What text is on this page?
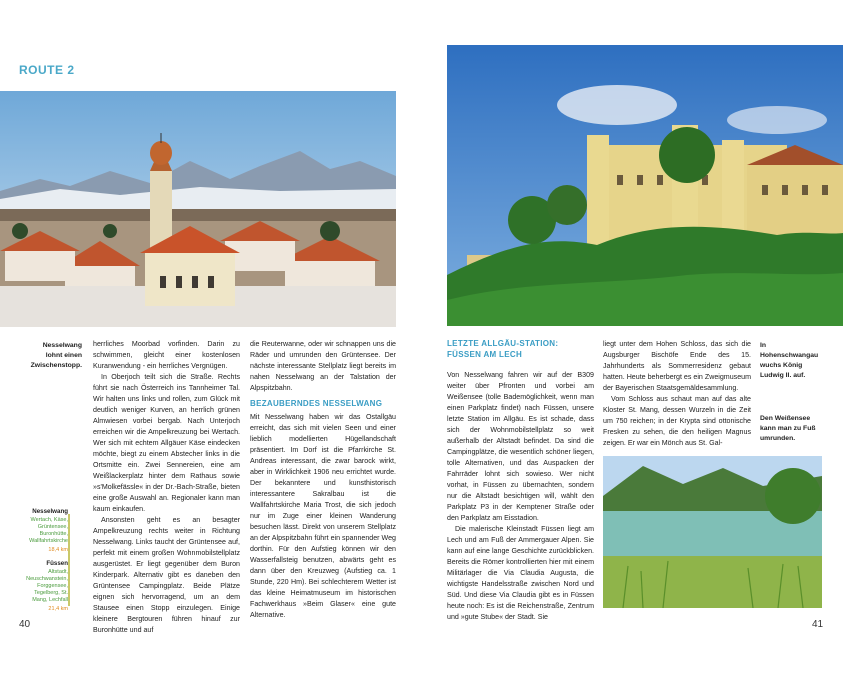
ROUTE 2
Nesselwang lohnt einen Zwischenstopp.
Nesselwang
Wertach, Käse, Grüntensee, Buronhütte, Wallfahrtskirche
18,4 km
Füssen
Altstadt, Neuschwanstein, Forggensee, Tegelberg, St. Mang, Lechfall
21,4 km

herrliches Moorbad vorfinden. Darin zu schwimmen, gleicht einer kostenlosen Kuranwendung - ein herrliches Vergnügen.

In Oberjoch teilt sich die Straße. Rechts führt sie nach Österreich ins Tannheimer Tal. Wir halten uns links und rollen, zum Glück mit deutlich weniger Kurven, an herrlich grünen Almwiesen vorbei bergab. Nach Unterjoch erreichen wir die Ampelkreuzung bei Wertach. Wer sich mit echtem Allgäuer Käse eindecken möchte, biegt zu einem Abstecher links in die Ortsmitte ein. Zwei Sennereien, eine am Weißlackerplatz hinter dem Rathaus sowie »s'Molkefässle« in der Dr.-Bach-Straße, bieten eine große Auswahl an. Regionaler kann man kaum einkaufen.

Ansonsten geht es an besagter Ampelkreuzung rechts weiter in Richtung Nesselwang. Links taucht der Grüntensee auf, perfekt mit einem großen Wohnmobilstellplatz ausgerüstet. Er liegt gegenüber dem Buron Kinderpark. Alternativ gibt es daneben den Grüntensee Campingplatz. Beide Plätze eignen sich hervorragend, um an dem Stausee einen Stopp einzulegen. Einige kleinere Bergtouren führen hinauf zur Buronhütte und auf

die Reuterwanne, oder wir schnappen uns die Räder und umrunden den Grüntensee. Der nächste interessante Stellplatz liegt bereits im nahen Nesselwang an der Talstation der Alpspitzbahn.

BEZAUBERNDES NESSELWANG

Mit Nesselwang haben wir das Ostallgäu erreicht, das sich mit vielen Seen und einer lieblich modellierten Hügellandschaft präsentiert. Im Dorf ist die Pfarrkirche St. Andreas interessant, die zwar barock wirkt, aber in Wirklichkeit 1906 neu errichtet wurde. Der bekanntere und kunsthistorisch interessantere Sakralbau ist die Wallfahrtskirche Maria Trost, die sich jedoch nur im Zuge einer kleinen Wanderung besuchen lässt. Direkt von unserem Stellplatz an der Alpspitzbahn führt ein spannender Weg dorthin. Für den Aufstieg können wir den Wasserfallsteig benutzen, abwärts geht es dann über den Kreuzweg (Aufstieg ca. 1 Stunde, 220 Hm). Bei schlechterem Wetter ist das kleine Heimatmuseum im historischen Fachwerkhaus »Beim Glaser« eine gute Alternative.

40
LETZTE ALLGÄU-STATION:
FÜSSEN AM LECH

Von Nesselwang fahren wir auf der B309 weiter über Pfronten und vorbei am Weißensee (tolle Bademöglichkeit, wenn man einen Parkplatz findet) nach Füssen, unsere letzte Station im Allgäu. Es ist schade, dass sich der Wohnmobilstellplatz so weit außerhalb der Altstadt befindet. Da sind die Campingplätze, die wesentlich schöner liegen, tolle Alternativen, und das Auspacken der Fahrräder lohnt sich sowieso. Wer nicht vorhat, in Füssen zu übernachten, sondern nur die Altstadt besichtigen will, wählt den Parkplatz P3 in der Kemptener Straße oder den Parkplatz am Eisstadion.

Die malerische Kleinstadt Füssen liegt am Lech und am Fuß der Ammergauer Alpen. Sie kann auf eine lange Geschichte zurückblicken. Bereits die Römer kontrollierten hier mit einem Militärlager die Via Claudia Augusta, die wichtigste Handelsstraße zwischen Nord und Süd. Und diese Via Claudia gibt es in Füssen heute noch: Es ist die Reichenstraße, Zentrum und »gute Stube« der Stadt. Sie

liegt unter dem Hohen Schloss, das sich die Augsburger Bischöfe Ende des 15. Jahrhunderts als Sommerresidenz gebaut hatten. Heute beherbergt es ein Zweigmuseum der Bayerischen Staatsgemäldesammlung.

Vom Schloss aus schaut man auf das alte Kloster St. Mang, dessen Wurzeln in die Zeit um 750 reichen; in der Krypta sind ottonische Fresken zu sehen, die den heiligen Magnus zeigen. Er war ein Mönch aus St. Gal-

In Hohenschwangau wuchs König Ludwig II. auf.
Den Weißensee kann man zu Fuß umrunden.
41
